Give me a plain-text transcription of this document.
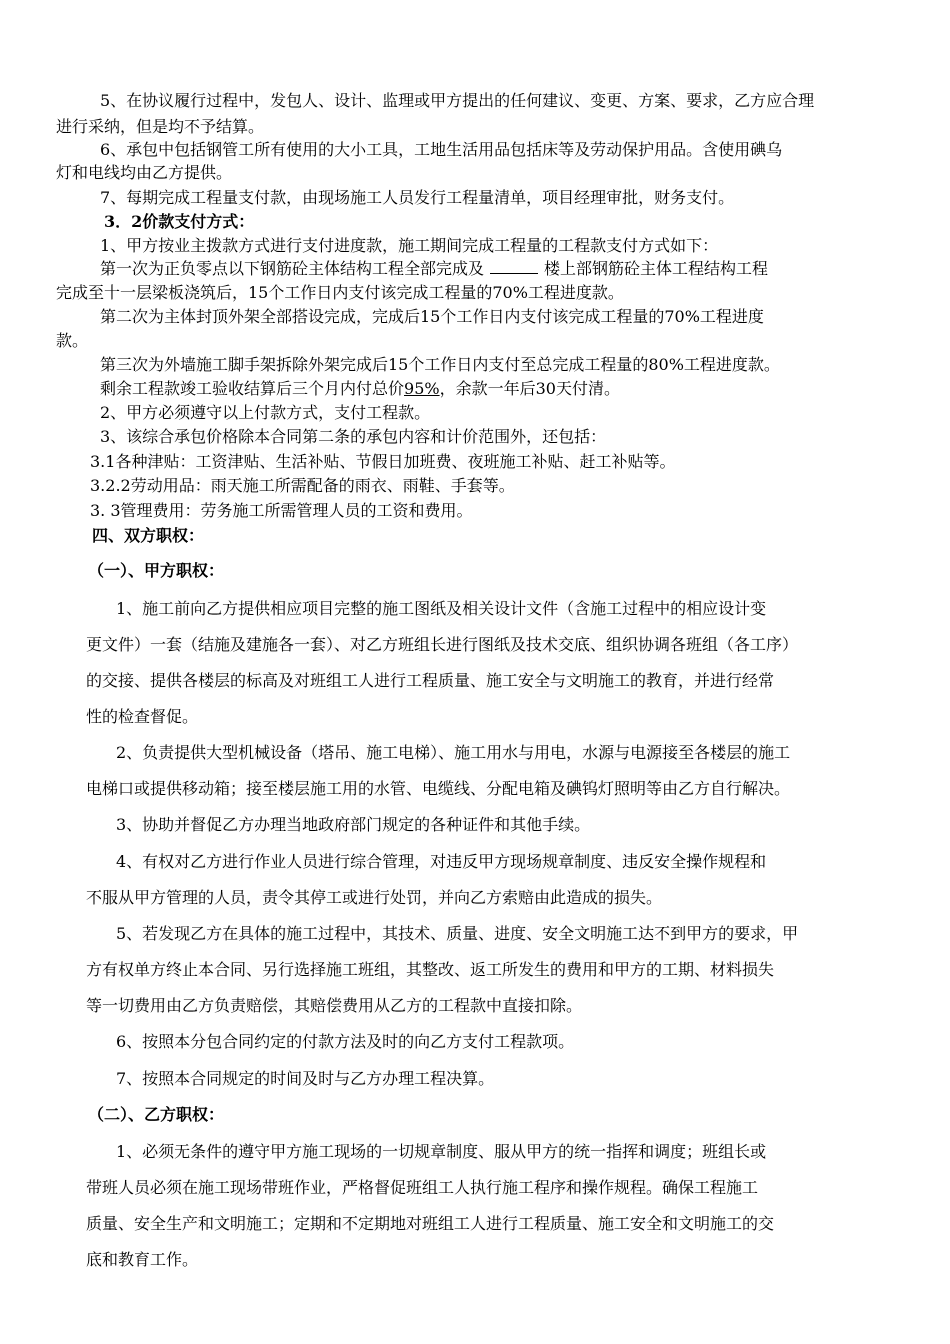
5、在协议履行过程中，发包人、设计、监理或甲方提出的任何建议、变更、方案、要求，乙方应合理
进行采纳，但是均不予结算。
6、承包中包括钢管工所有使用的大小工具，工地生活用品包括床等及劳动保护用品。含使用碘乌
灯和电线均由乙方提供。
7、每期完成工程量支付款，由现场施工人员发行工程量清单，项目经理审批，财务支付。
3．2价款支付方式：
1、甲方按业主拨款方式进行支付进度款，施工期间完成工程量的工程款支付方式如下：
第一次为正负零点以下钢筋砼主体结构工程全部完成及	楼上部钢筋砼主体工程结构工程
完成至十一层梁板浇筑后，15个工作日内支付该完成工程量的70%工程进度款。
第二次为主体封顶外架全部搭设完成，完成后15个工作日内支付该完成工程量的70%工程进度
款。
第三次为外墙施工脚手架拆除外架完成后15个工作日内支付至总完成工程量的80%工程进度款。
剩余工程款竣工验收结算后三个月内付总价95%，余款一年后30天付清。
2、甲方必须遵守以上付款方式，支付工程款。
3、该综合承包价格除本合同第二条的承包内容和计价范围外，还包括：
3.1各种津贴：工资津贴、生活补贴、节假日加班费、夜班施工补贴、赶工补贴等。
3.2.2劳动用品：雨天施工所需配备的雨衣、雨鞋、手套等。
3. 3管理费用：劳务施工所需管理人员的工资和费用。
四、双方职权：
（一）、甲方职权：
1、施工前向乙方提供相应项目完整的施工图纸及相关设计文件（含施工过程中的相应设计变
更文件）一套（结施及建施各一套）、对乙方班组长进行图纸及技术交底、组织协调各班组（各工序）
的交接、提供各楼层的标高及对班组工人进行工程质量、施工安全与文明施工的教育，并进行经常
性的检查督促。
2、负责提供大型机械设备（塔吊、施工电梯）、施工用水与用电，水源与电源接至各楼层的施工
电梯口或提供移动箱；接至楼层施工用的水管、电缆线、分配电箱及碘钨灯照明等由乙方自行解决。
3、协助并督促乙方办理当地政府部门规定的各种证件和其他手续。
4、有权对乙方进行作业人员进行综合管理，对违反甲方现场规章制度、违反安全操作规程和
不服从甲方管理的人员，责令其停工或进行处罚，并向乙方索赔由此造成的损失。
5、若发现乙方在具体的施工过程中，其技术、质量、进度、安全文明施工达不到甲方的要求，甲
方有权单方终止本合同、另行选择施工班组，其整改、返工所发生的费用和甲方的工期、材料损失
等一切费用由乙方负责赔偿，其赔偿费用从乙方的工程款中直接扣除。
6、按照本分包合同约定的付款方法及时的向乙方支付工程款项。
7、按照本合同规定的时间及时与乙方办理工程决算。
（二）、乙方职权：
1、必须无条件的遵守甲方施工现场的一切规章制度、服从甲方的统一指挥和调度；班组长或
带班人员必须在施工现场带班作业，严格督促班组工人执行施工程序和操作规程。确保工程施工
质量、安全生产和文明施工；定期和不定期地对班组工人进行工程质量、施工安全和文明施工的交
底和教育工作。
